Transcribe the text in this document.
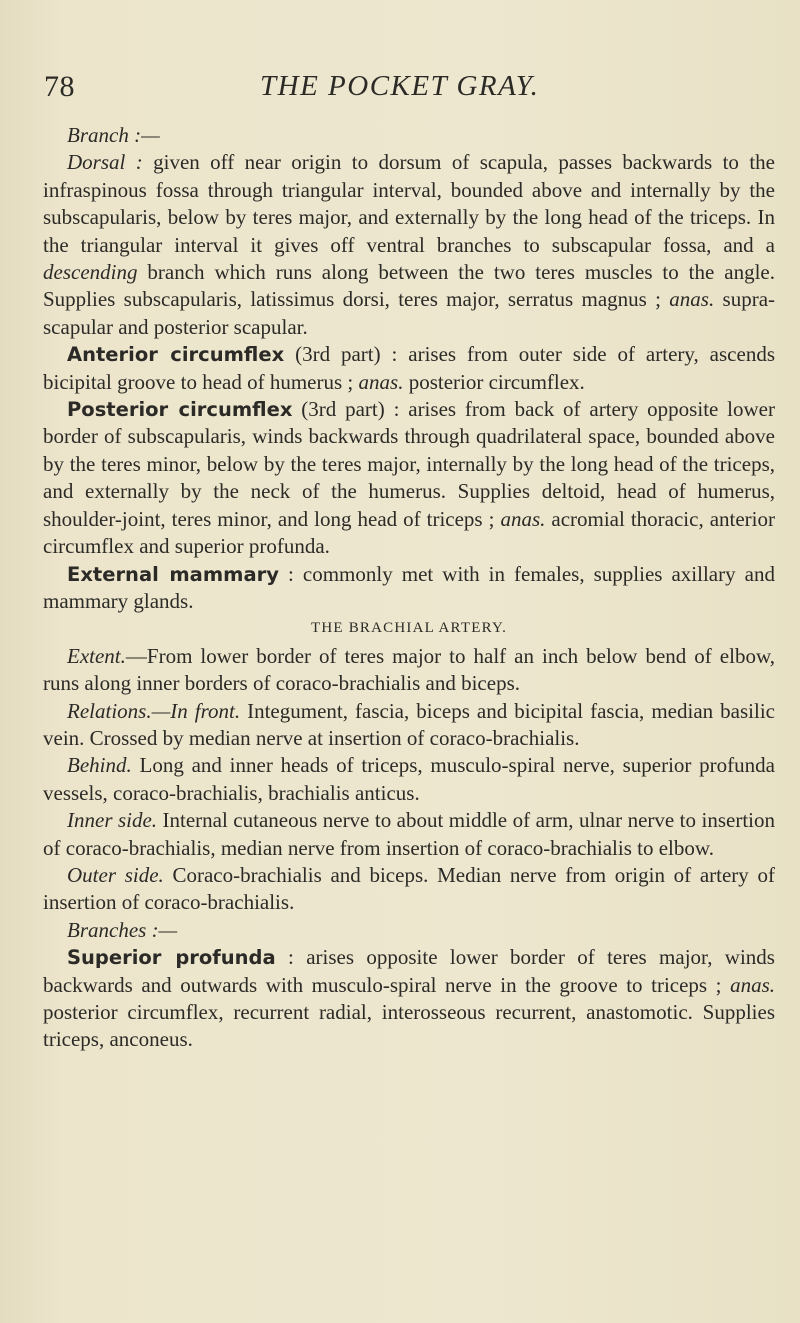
78	THE POCKET GRAY.

Branch :—

Dorsal : given off near origin to dorsum of scapula, passes backwards to the infraspinous fossa through triangular interval, bounded above and internally by the subscapularis, below by teres major, and externally by the long head of the triceps. In the triangular interval it gives off ventral branches to subscapular fossa, and a descending branch which runs along between the two teres muscles to the angle. Supplies subscapularis, latissimus dorsi, teres major, serratus magnus ; anas. supra-scapular and posterior scapular.

Anterior circumflex (3rd part) : arises from outer side of artery, ascends bicipital groove to head of humerus ; anas. posterior circumflex.

Posterior circumflex (3rd part) : arises from back of artery opposite lower border of subscapularis, winds backwards through quadrilateral space, bounded above by the teres minor, below by the teres major, internally by the long head of the triceps, and externally by the neck of the humerus. Supplies deltoid, head of humerus, shoulder-joint, teres minor, and long head of triceps ; anas. acromial thoracic, anterior circumflex and superior profunda.

External mammary : commonly met with in females, supplies axillary and mammary glands.

THE BRACHIAL ARTERY.

Extent.—From lower border of teres major to half an inch below bend of elbow, runs along inner borders of coraco-brachialis and biceps.

Relations.—In front. Integument, fascia, biceps and bicipital fascia, median basilic vein. Crossed by median nerve at insertion of coraco-brachialis.

Behind. Long and inner heads of triceps, musculo-spiral nerve, superior profunda vessels, coraco-brachialis, brachialis anticus.

Inner side. Internal cutaneous nerve to about middle of arm, ulnar nerve to insertion of coraco-brachialis, median nerve from insertion of coraco-brachialis to elbow.

Outer side. Coraco-brachialis and biceps. Median nerve from origin of artery of insertion of coraco-brachialis.

Branches :—

Superior profunda : arises opposite lower border of teres major, winds backwards and outwards with musculo-spiral nerve in the groove to triceps ; anas. posterior circumflex, recurrent radial, interosseous recurrent, anastomotic. Supplies triceps, anconeus.
